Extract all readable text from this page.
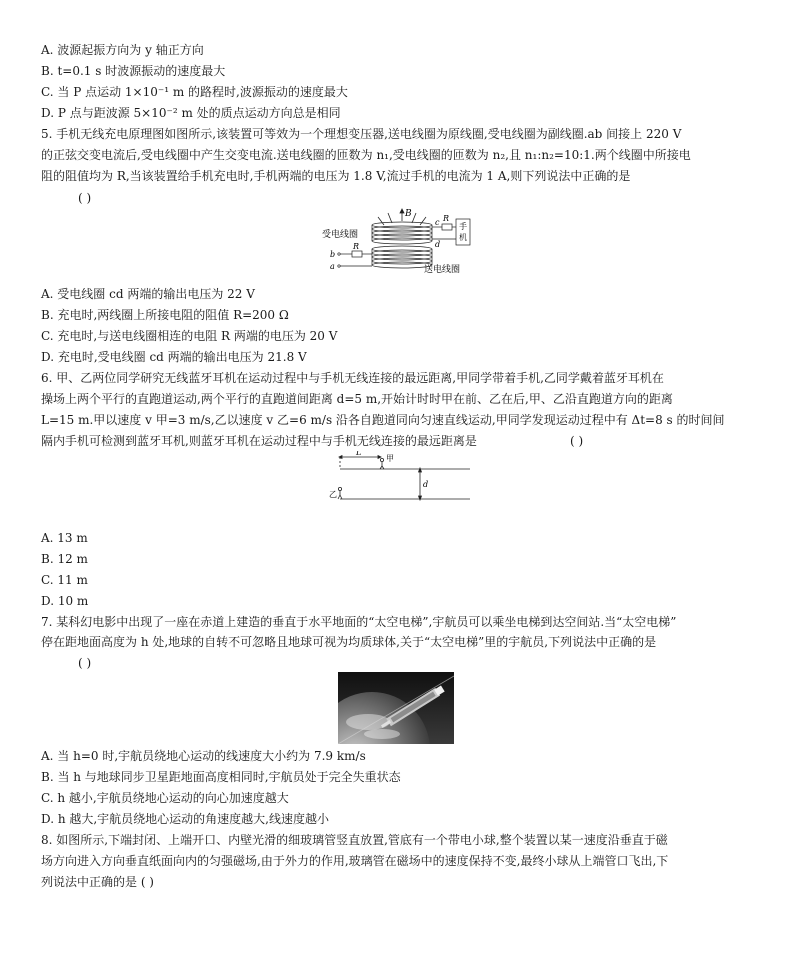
A. 波源起振方向为 y 轴正方向
B. t=0.1 s 时波源振动的速度最大
C. 当 P 点运动 1×10⁻¹ m 的路程时,波源振动的速度最大
D. P 点与距波源 5×10⁻² m 处的质点运动方向总是相同
5. 手机无线充电原理图如图所示,该装置可等效为一个理想变压器,送电线圈为原线圈,受电线圈为副线圈.ab 间接上 220 V
的正弦交变电流后,受电线圈中产生交变电流.送电线圈的匝数为 n₁,受电线圈的匝数为 n₂,且 n₁:n₂=10:1.两个线圈中所接电
阻的阻值均为 R,当该装置给手机充电时,手机两端的电压为 1.8 V,流过手机的电流为 1 A,则下列说法中正确的是
( )
受电线圈
送电线圈
B	R
c
d
R
b
a
手机
A. 受电线圈 cd 两端的输出电压为 22 V
B. 充电时,两线圈上所接电阻的阻值 R=200 Ω
C. 充电时,与送电线圈相连的电阻 R 两端的电压为 20 V
D. 充电时,受电线圈 cd 两端的输出电压为 21.8 V
6. 甲、乙两位同学研究无线蓝牙耳机在运动过程中与手机无线连接的最远距离,甲同学带着手机,乙同学戴着蓝牙耳机在
操场上两个平行的直跑道运动,两个平行的直跑道间距离 d=5 m,开始计时时甲在前、乙在后,甲、乙沿直跑道方向的距离
L=15 m.甲以速度 v 甲=3 m/s,乙以速度 v 乙=6 m/s 沿各自跑道同向匀速直线运动,甲同学发现运动过程中有 Δt=8 s 的时间间
隔内手机可检测到蓝牙耳机,则蓝牙耳机在运动过程中与手机无线连接的最远距离是	( )
L
甲
乙
d
A. 13 m
B. 12 m
C. 11 m
D. 10 m
7. 某科幻电影中出现了一座在赤道上建造的垂直于水平地面的“太空电梯”,宇航员可以乘坐电梯到达空间站.当“太空电梯”
停在距地面高度为 h 处,地球的自转不可忽略且地球可视为均质球体,关于“太空电梯”里的宇航员,下列说法中正确的是
( )
A. 当 h=0 时,宇航员绕地心运动的线速度大小约为 7.9 km/s
B. 当 h 与地球同步卫星距地面高度相同时,宇航员处于完全失重状态
C. h 越小,宇航员绕地心运动的向心加速度越大
D. h 越大,宇航员绕地心运动的角速度越大,线速度越小
8. 如图所示,下端封闭、上端开口、内壁光滑的细玻璃管竖直放置,管底有一个带电小球,整个装置以某一速度沿垂直于磁
场方向进入方向垂直纸面向内的匀强磁场,由于外力的作用,玻璃管在磁场中的速度保持不变,最终小球从上端管口飞出,下
列说法中正确的是 ( )
